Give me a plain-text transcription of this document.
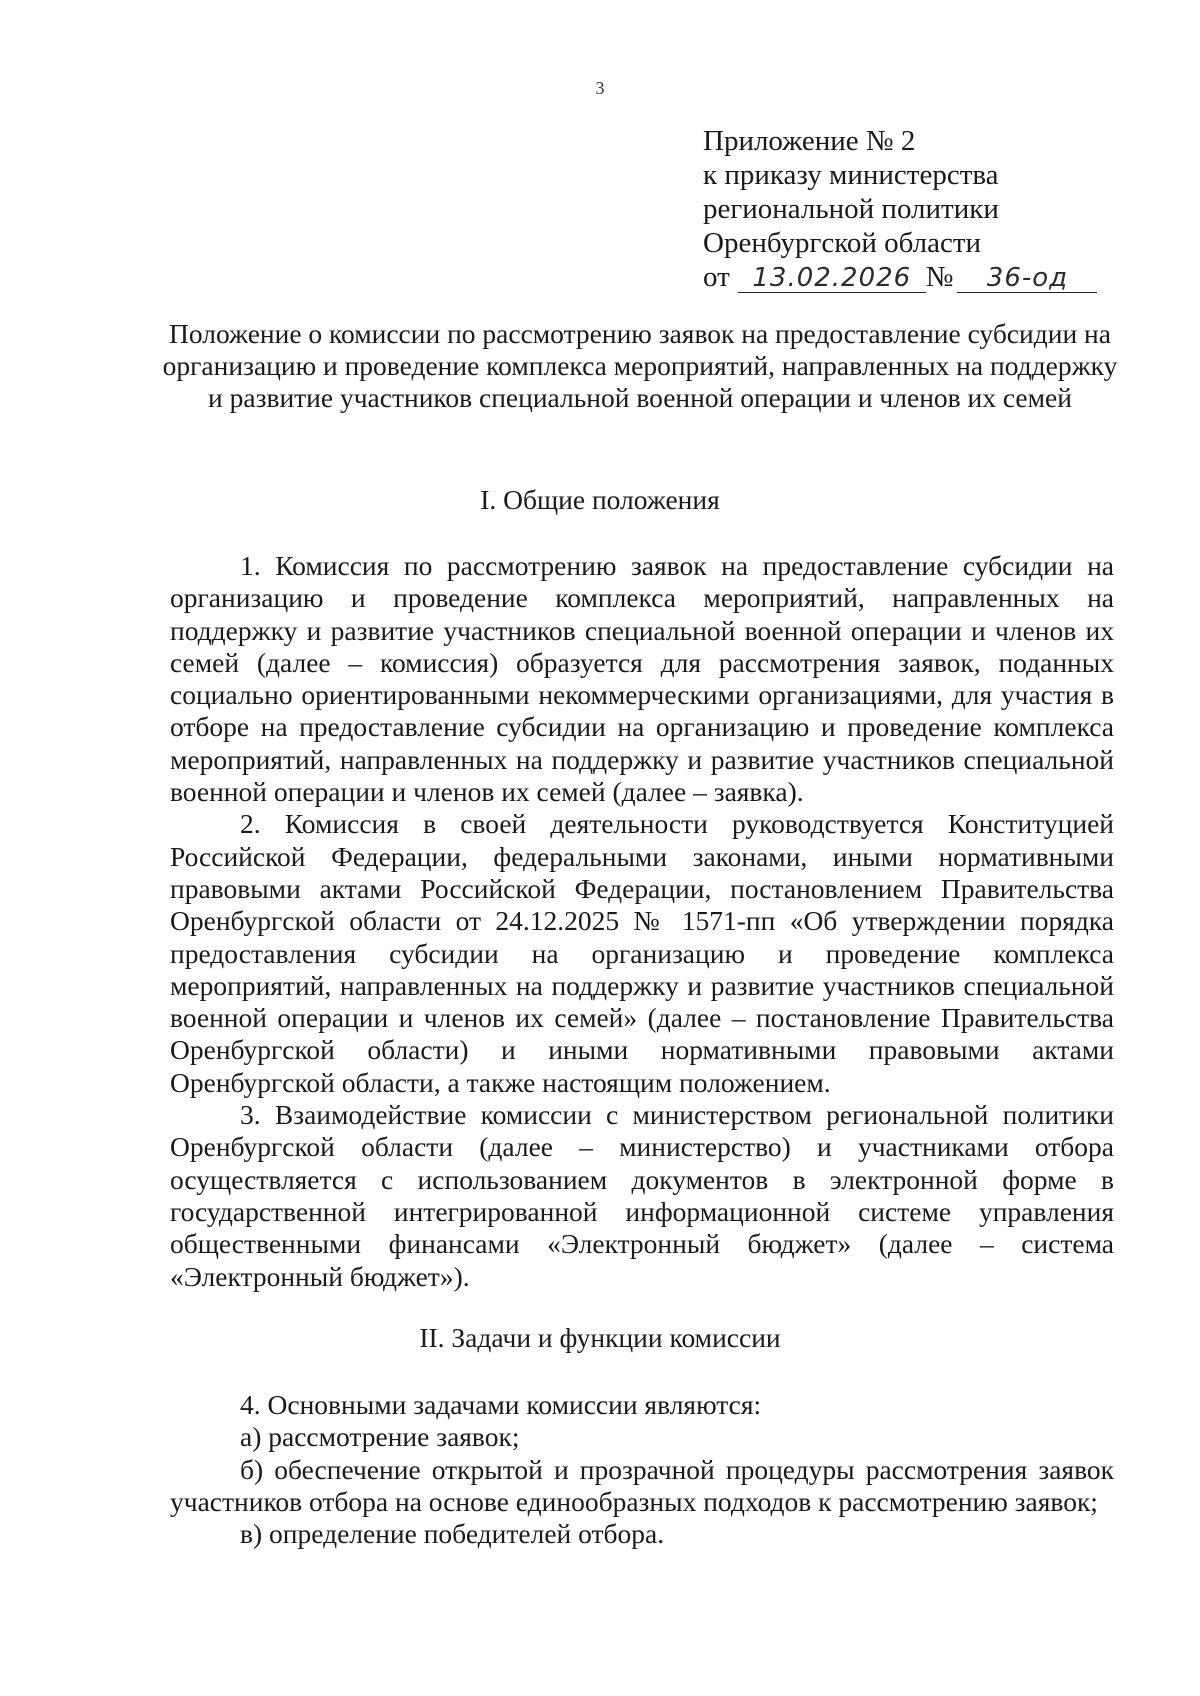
3
Приложение № 2
к приказу министерства
региональной политики
Оренбургской области
от 13.02.2026 № 36-од
Положение о комиссии по рассмотрению заявок на предоставление субсидии на организацию и проведение комплекса мероприятий, направленных на поддержку и развитие участников специальной военной операции и членов их семей
I. Общие положения

1. Комиссия по рассмотрению заявок на предоставление субсидии на организацию и проведение комплекса мероприятий, направленных на поддержку и развитие участников специальной военной операции и членов их семей (далее – комиссия) образуется для рассмотрения заявок, поданных социально ориентированными некоммерческими организациями, для участия в отборе на предоставление субсидии на организацию и проведение комплекса мероприятий, направленных на поддержку и развитие участников специальной военной операции и членов их семей (далее – заявка).

2. Комиссия в своей деятельности руководствуется Конституцией Российской Федерации, федеральными законами, иными нормативными правовыми актами Российской Федерации, постановлением Правительства Оренбургской области от 24.12.2025 № 1571-пп «Об утверждении порядка предоставления субсидии на организацию и проведение комплекса мероприятий, направленных на поддержку и развитие участников специальной военной операции и членов их семей» (далее – постановление Правительства Оренбургской области) и иными нормативными правовыми актами Оренбургской области, а также настоящим положением.

3. Взаимодействие комиссии с министерством региональной политики Оренбургской области (далее – министерство) и участниками отбора осуществляется с использованием документов в электронной форме в государственной интегрированной информационной системе управления общественными финансами «Электронный бюджет» (далее – система «Электронный бюджет»).

II. Задачи и функции комиссии

4. Основными задачами комиссии являются:

а) рассмотрение заявок;

б) обеспечение открытой и прозрачной процедуры рассмотрения заявок участников отбора на основе единообразных подходов к рассмотрению заявок;

в) определение победителей отбора.
